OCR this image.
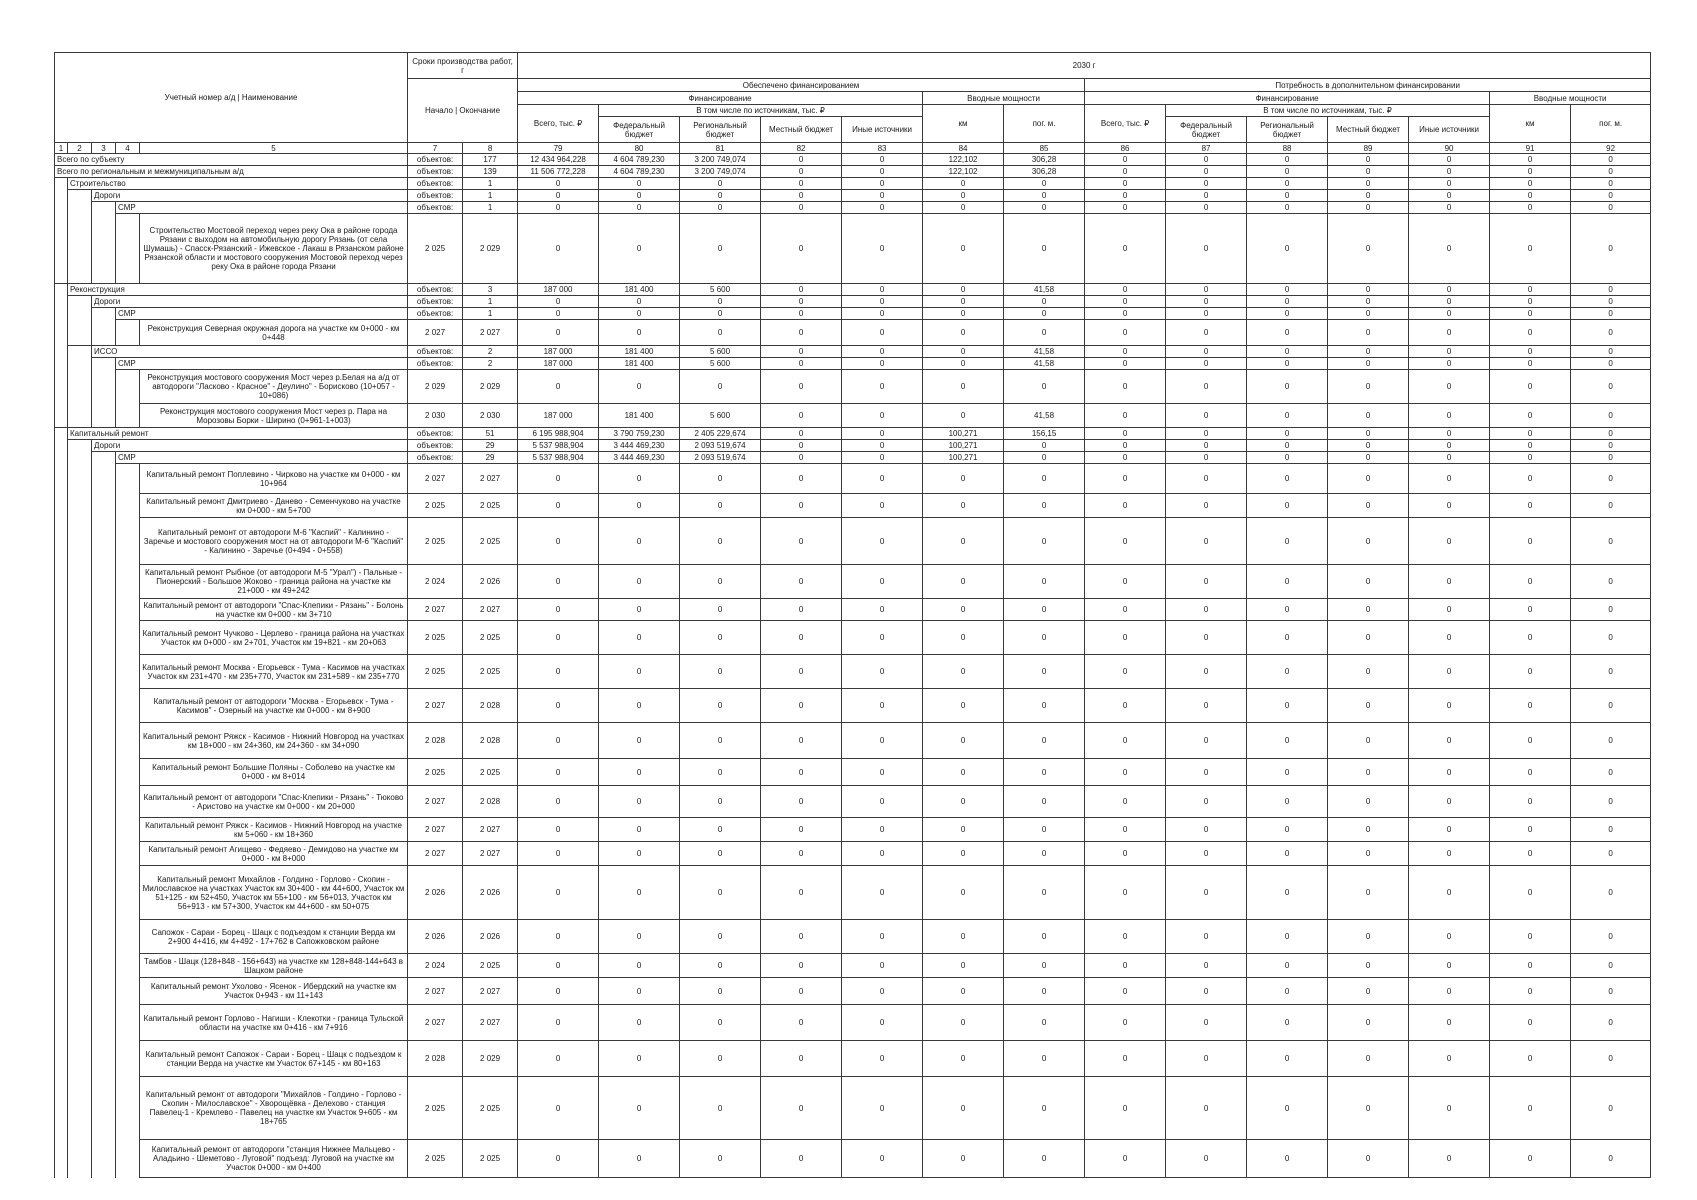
Учетный номер а/д | Наименование					Сроки производства работ, г		2030 г													
					Начало | Окончание		Обеспечено финансированием							Потребность в дополнительном финансировании						
							Финансирование					Вводные мощности		Финансирование					Вводные мощности	
							Всего, тыс. ₽	В том числе по источникам, тыс. ₽				км	пог. м.	Всего, тыс. ₽	В том числе по источникам, тыс. ₽				км	пог. м.
								Федеральный бюджет	Региональный бюджет	Местный бюджет	Иные источники				Федеральный бюджет	Региональный бюджет	Местный бюджет	Иные источники		
1	2	3	4	5	7	8	79	80	81	82	83	84	85	86	87	88	89	90	91	92
Всего по субъекту					объектов:	177	12 434 964,228	4 604 789,230	3 200 749,074	0	0	122,102	306,28	0	0	0	0	0	0	0
Всего по региональным и межмуниципальным а/д					объектов:	139	11 506 772,228	4 604 789,230	3 200 749,074	0	0	122,102	306,28	0	0	0	0	0	0	0
	Строительство				объектов:	1	0	0	0	0	0	0	0	0	0	0	0	0	0	0
		Дороги			объектов:	1	0	0	0	0	0	0	0	0	0	0	0	0	0	0
			СМР		объектов:	1	0	0	0	0	0	0	0	0	0	0	0	0	0	0
				Строительство Мостовой переход через реку Ока в районе города Рязани с выходом на автомобильную дорогу Рязань (от села Шумашь) - Спасск-Рязанский - Ижевское - Лакаш в Рязанском районе Рязанской области и мостового сооружения Мостовой переход через реку Ока в районе города Рязани	2 025	2 029	0	0	0	0	0	0	0	0	0	0	0	0	0	0
	Реконструкция				объектов:	3	187 000	181 400	5 600	0	0	0	41,58	0	0	0	0	0	0	0
		Дороги			объектов:	1	0	0	0	0	0	0	0	0	0	0	0	0	0	0
			СМР		объектов:	1	0	0	0	0	0	0	0	0	0	0	0	0	0	0
				Реконструкция Северная окружная дорога на участке км 0+000 - км 0+448	2 027	2 027	0	0	0	0	0	0	0	0	0	0	0	0	0	0
		ИССО			объектов:	2	187 000	181 400	5 600	0	0	0	41,58	0	0	0	0	0	0	0
			СМР		объектов:	2	187 000	181 400	5 600	0	0	0	41,58	0	0	0	0	0	0	0
				Реконструкция мостового сооружения Мост через р.Белая на а/д от автодороги "Ласково - Красное" - Деулино" - Борисково (10+057 - 10+086)	2 029	2 029	0	0	0	0	0	0	0	0	0	0	0	0	0	0
				Реконструкция мостового сооружения Мост через р. Пара на Морозовы Борки - Ширино (0+961-1+003)	2 030	2 030	187 000	181 400	5 600	0	0	0	41,58	0	0	0	0	0	0	0
	Капитальный ремонт				объектов:	51	6 195 988,904	3 790 759,230	2 405 229,674	0	0	100,271	156,15	0	0	0	0	0	0	0
		Дороги			объектов:	29	5 537 988,904	3 444 469,230	2 093 519,674	0	0	100,271	0	0	0	0	0	0	0	0
			СМР		объектов:	29	5 537 988,904	3 444 469,230	2 093 519,674	0	0	100,271	0	0	0	0	0	0	0	0
				Капитальный ремонт Поплевино - Чирково на участке км 0+000 - км 10+964	2 027	2 027	0	0	0	0	0	0	0	0	0	0	0	0	0	0
				Капитальный ремонт Дмитриево - Данево - Семенчуково на участке км 0+000 - км 5+700	2 025	2 025	0	0	0	0	0	0	0	0	0	0	0	0	0	0
				Капитальный ремонт от автодороги М-6 "Каспий" - Калинино - Заречье и мостового сооружения мост на от автодороги М-6 "Каспий" - Калинино - Заречье (0+494 - 0+558)	2 025	2 025	0	0	0	0	0	0	0	0	0	0	0	0	0	0
				Капитальный ремонт Рыбное (от автодороги М-5 "Урал") - Пальные - Пионерский - Большое Жоково - граница района на участке км 21+000 - км 49+242	2 024	2 026	0	0	0	0	0	0	0	0	0	0	0	0	0	0
				Капитальный ремонт от автодороги "Спас-Клепики - Рязань" - Болонь на участке км 0+000 - км 3+710	2 027	2 027	0	0	0	0	0	0	0	0	0	0	0	0	0	0
				Капитальный ремонт Чучково - Церлево - граница района на участках Участок км 0+000 - км 2+701, Участок км 19+821 - км 20+063	2 025	2 025	0	0	0	0	0	0	0	0	0	0	0	0	0	0
				Капитальный ремонт Москва - Егорьевск - Тума - Касимов на участках Участок км 231+470 - км 235+770, Участок км 231+589 - км 235+770	2 025	2 025	0	0	0	0	0	0	0	0	0	0	0	0	0	0
				Капитальный ремонт от автодороги "Москва - Егорьевск - Тума - Касимов" - Озерный на участке км 0+000 - км 8+900	2 027	2 028	0	0	0	0	0	0	0	0	0	0	0	0	0	0
				Капитальный ремонт Ряжск - Касимов - Нижний Новгород на участках км 18+000 - км 24+360, км 24+360 - км 34+090	2 028	2 028	0	0	0	0	0	0	0	0	0	0	0	0	0	0
				Капитальный ремонт Большие Поляны - Соболево на участке км 0+000 - км 8+014	2 025	2 025	0	0	0	0	0	0	0	0	0	0	0	0	0	0
				Капитальный ремонт от автодороги "Спас-Клепики - Рязань" - Тюково - Аристово на участке км 0+000 - км 20+000	2 027	2 028	0	0	0	0	0	0	0	0	0	0	0	0	0	0
				Капитальный ремонт Ряжск - Касимов - Нижний Новгород на участке км 5+060 - км 18+360	2 027	2 027	0	0	0	0	0	0	0	0	0	0	0	0	0	0
				Капитальный ремонт Агищево - Федяево - Демидово на участке км 0+000 - км 8+000	2 027	2 027	0	0	0	0	0	0	0	0	0	0	0	0	0	0
				Капитальный ремонт Михайлов - Голдино - Горлово - Скопин - Милославское на участках Участок км 30+400 - км 44+600, Участок км 51+125 - км 52+450, Участок км 55+100 - км 56+013, Участок км 56+913 - км 57+300, Участок км 44+600 - км 50+075	2 026	2 026	0	0	0	0	0	0	0	0	0	0	0	0	0	0
				Сапожок - Сараи - Борец - Шацк с подъездом к станции Верда км 2+900 4+416, км 4+492 - 17+762 в Сапожковском районе	2 026	2 026	0	0	0	0	0	0	0	0	0	0	0	0	0	0
				Тамбов - Шацк (128+848 - 156+643) на участке км 128+848-144+643 в Шацком районе	2 024	2 025	0	0	0	0	0	0	0	0	0	0	0	0	0	0
				Капитальный ремонт Ухолово - Ясенок - Ибердский на участке км Участок 0+943 - км 11+143	2 027	2 027	0	0	0	0	0	0	0	0	0	0	0	0	0	0
				Капитальный ремонт Горлово - Нагиши - Клекотки - граница Тульской области на участке км 0+416 - км 7+916	2 027	2 027	0	0	0	0	0	0	0	0	0	0	0	0	0	0
				Капитальный ремонт Сапожок - Сараи - Борец - Шацк с подъездом к станции Верда на участке км Участок 67+145 - км 80+163	2 028	2 029	0	0	0	0	0	0	0	0	0	0	0	0	0	0
				Капитальный ремонт от автодороги "Михайлов - Голдино - Горлово - Скопин - Милославское" - Хворощёвка - Делехово - станция Павелец-1 - Кремлево - Павелец на участке км Участок 9+605 - км 18+765	2 025	2 025	0	0	0	0	0	0	0	0	0	0	0	0	0	0
				Капитальный ремонт от автодороги "станция Нижнее Мальцево - Аладьино - Шеметово - Луговой" подъезд: Луговой на участке км Участок 0+000 - км 0+400	2 025	2 025	0	0	0	0	0	0	0	0	0	0	0	0	0	0
